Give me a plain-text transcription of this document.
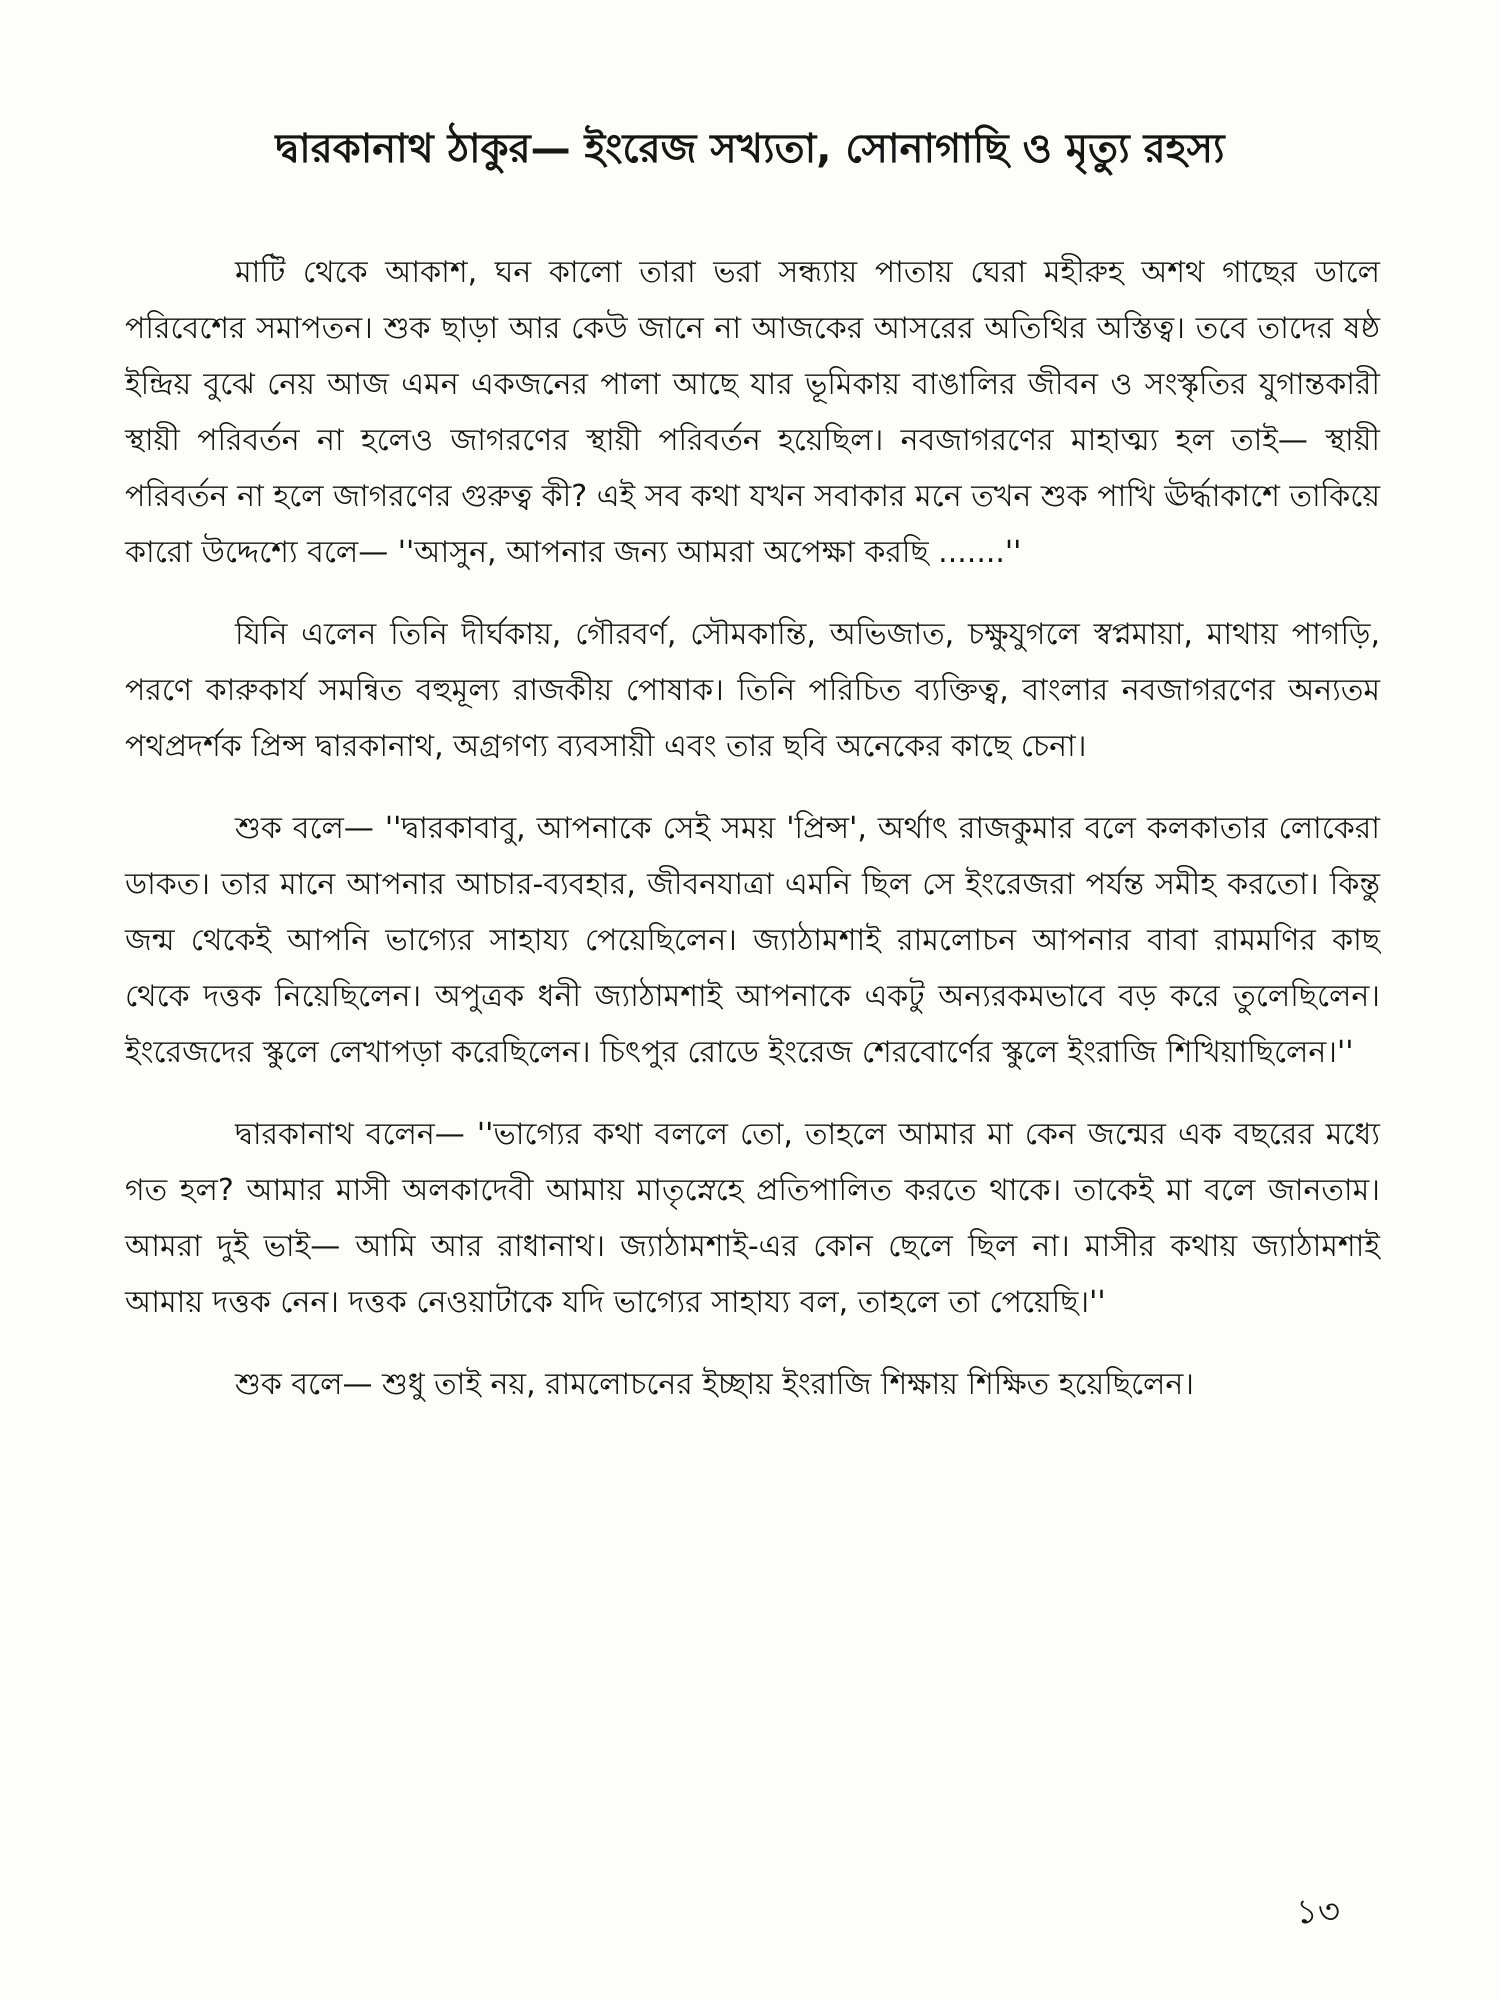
দ্বারকানাথ ঠাকুর— ইংরেজ সখ্যতা, সোনাগাছি ও মৃত্যু রহস্য

মাটি থেকে আকাশ, ঘন কালো তারা ভরা সন্ধ্যায় পাতায় ঘেরা মহীরুহ অশথ গাছের ডালে পরিবেশের সমাপতন। শুক ছাড়া আর কেউ জানে না আজকের আসরের অতিথির অস্তিত্ব। তবে তাদের ষষ্ঠ ইন্দ্রিয় বুঝে নেয় আজ এমন একজনের পালা আছে যার ভূমিকায় বাঙালির জীবন ও সংস্কৃতির যুগান্তকারী স্থায়ী পরিবর্তন না হলেও জাগরণের স্থায়ী পরিবর্তন হয়েছিল। নবজাগরণের মাহাত্ম্য হল তাই— স্থায়ী পরিবর্তন না হলে জাগরণের গুরুত্ব কী? এই সব কথা যখন সবাকার মনে তখন শুক পাখি ঊর্দ্ধাকাশে তাকিয়ে কারো উদ্দেশ্যে বলে— ''আসুন, আপনার জন্য আমরা অপেক্ষা করছি .......''

যিনি এলেন তিনি দীর্ঘকায়, গৌরবর্ণ, সৌমকান্তি, অভিজাত, চক্ষুযুগলে স্বপ্নমায়া, মাথায় পাগড়ি, পরণে কারুকার্য সমন্বিত বহুমূল্য রাজকীয় পোষাক। তিনি পরিচিত ব্যক্তিত্ব, বাংলার নবজাগরণের অন্যতম পথপ্রদর্শক প্রিন্স দ্বারকানাথ, অগ্রগণ্য ব্যবসায়ী এবং তার ছবি অনেকের কাছে চেনা।

শুক বলে— ''দ্বারকাবাবু, আপনাকে সেই সময় 'প্রিন্স', অর্থাৎ রাজকুমার বলে কলকাতার লোকেরা ডাকত। তার মানে আপনার আচার-ব্যবহার, জীবনযাত্রা এমনি ছিল সে ইংরেজরা পর্যন্ত সমীহ করতো। কিন্তু জন্ম থেকেই আপনি ভাগ্যের সাহায্য পেয়েছিলেন। জ্যাঠামশাই রামলোচন আপনার বাবা রামমণির কাছ থেকে দত্তক নিয়েছিলেন। অপুত্রক ধনী জ্যাঠামশাই আপনাকে একটু অন্যরকমভাবে বড় করে তুলেছিলেন। ইংরেজদের স্কুলে লেখাপড়া করেছিলেন। চিৎপুর রোডে ইংরেজ শেরবোর্ণের স্কুলে ইংরাজি শিখিয়াছিলেন।''

দ্বারকানাথ বলেন— ''ভাগ্যের কথা বললে তো, তাহলে আমার মা কেন জন্মের এক বছরের মধ্যে গত হল? আমার মাসী অলকাদেবী আমায় মাতৃস্নেহে প্রতিপালিত করতে থাকে। তাকেই মা বলে জানতাম। আমরা দুই ভাই— আমি আর রাধানাথ। জ্যাঠামশাই-এর কোন ছেলে ছিল না। মাসীর কথায় জ্যাঠামশাই আমায় দত্তক নেন। দত্তক নেওয়াটাকে যদি ভাগ্যের সাহায্য বল, তাহলে তা পেয়েছি।''

শুক বলে— শুধু তাই নয়, রামলোচনের ইচ্ছায় ইংরাজি শিক্ষায় শিক্ষিত হয়েছিলেন।

১৩
